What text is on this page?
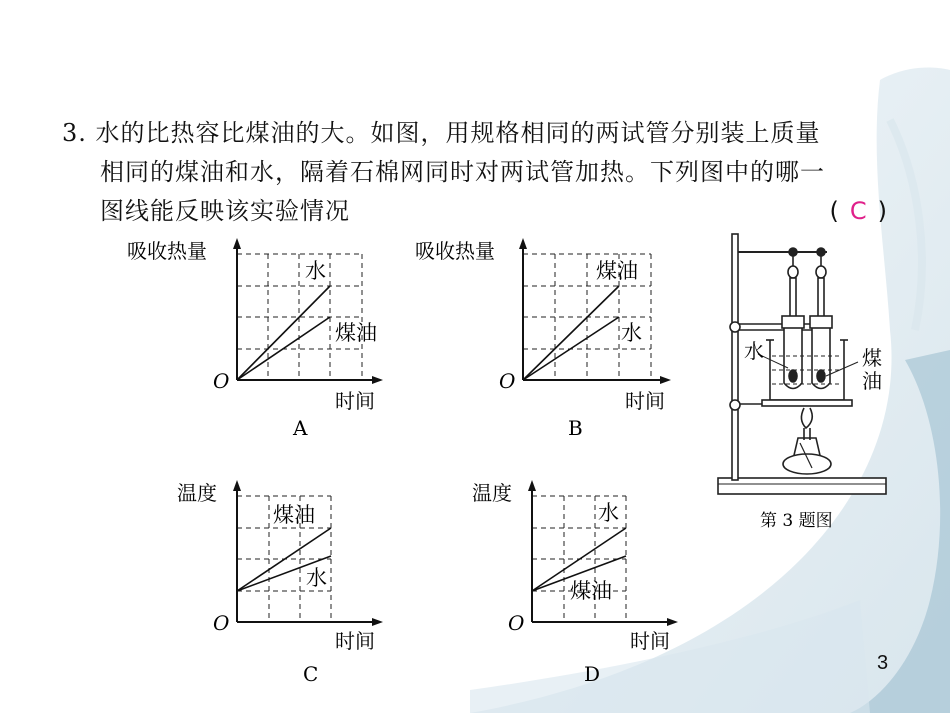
3. 水的比热容比煤油的大。如图，用规格相同的两试管分别装上质量
相同的煤油和水，隔着石棉网同时对两试管加热。下列图中的哪一
图线能反映该实验情况	( C )
吸收热量
水
煤油
O
时间
A
吸收热量
煤油
水
O
时间
B
温度
煤油
水
O
时间
C
温度
水
煤油
O
时间
D
水	煤
油
第 3 题图
3
